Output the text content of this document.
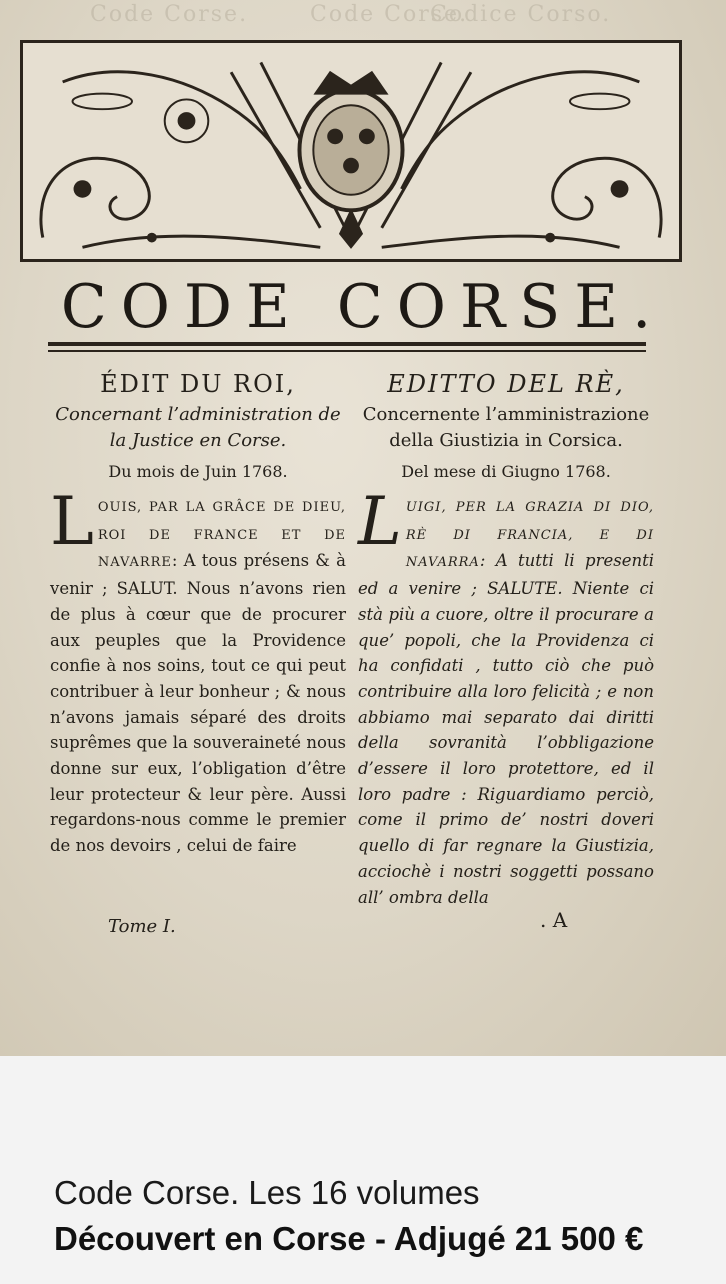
Code Corse.	Code Corse.
Codice Corso.
CODE CORSE.
ÉDIT DU ROI,
Concernant l’administration de la Justice en Corse.
Du mois de Juin 1768.
LOUIS, PAR LA GRÂCE DE DIEU, ROI DE FRANCE ET DE NAVARRE: A tous présens & à venir ; SALUT. Nous n’avons rien de plus à cœur que de procurer aux peuples que la Providence confie à nos soins, tout ce qui peut contribuer à leur bonheur ; & nous n’avons jamais séparé des droits suprêmes que la souveraineté nous donne sur eux, l’obligation d’être leur protecteur & leur père. Aussi regardons-nous comme le premier de nos devoirs , celui de faire
EDITTO DEL RÈ,
Concernente l’amministrazione della Giustizia in Corsica.
Del mese di Giugno 1768.
LUIGI, PER LA GRAZIA DI DIO, RÈ DI FRANCIA, E DI NAVARRA: A tutti li presenti ed a venire ; SALUTE. Niente ci stà più a cuore, oltre il procurare a que’ popoli, che la Providenza ci ha confidati , tutto ciò che può contribuire alla loro felicità ; e non abbiamo mai separato dai diritti della sovranità l’obbligazione d’essere il loro protettore, ed il loro padre : Riguardiamo perciò, come il primo de’ nostri doveri quello di far regnare la Giustizia, acciochè i nostri soggetti possano all’ ombra della
Tome I.	. A
Code Corse. Les 16 volumes
Découvert en Corse - Adjugé 21 500 €
